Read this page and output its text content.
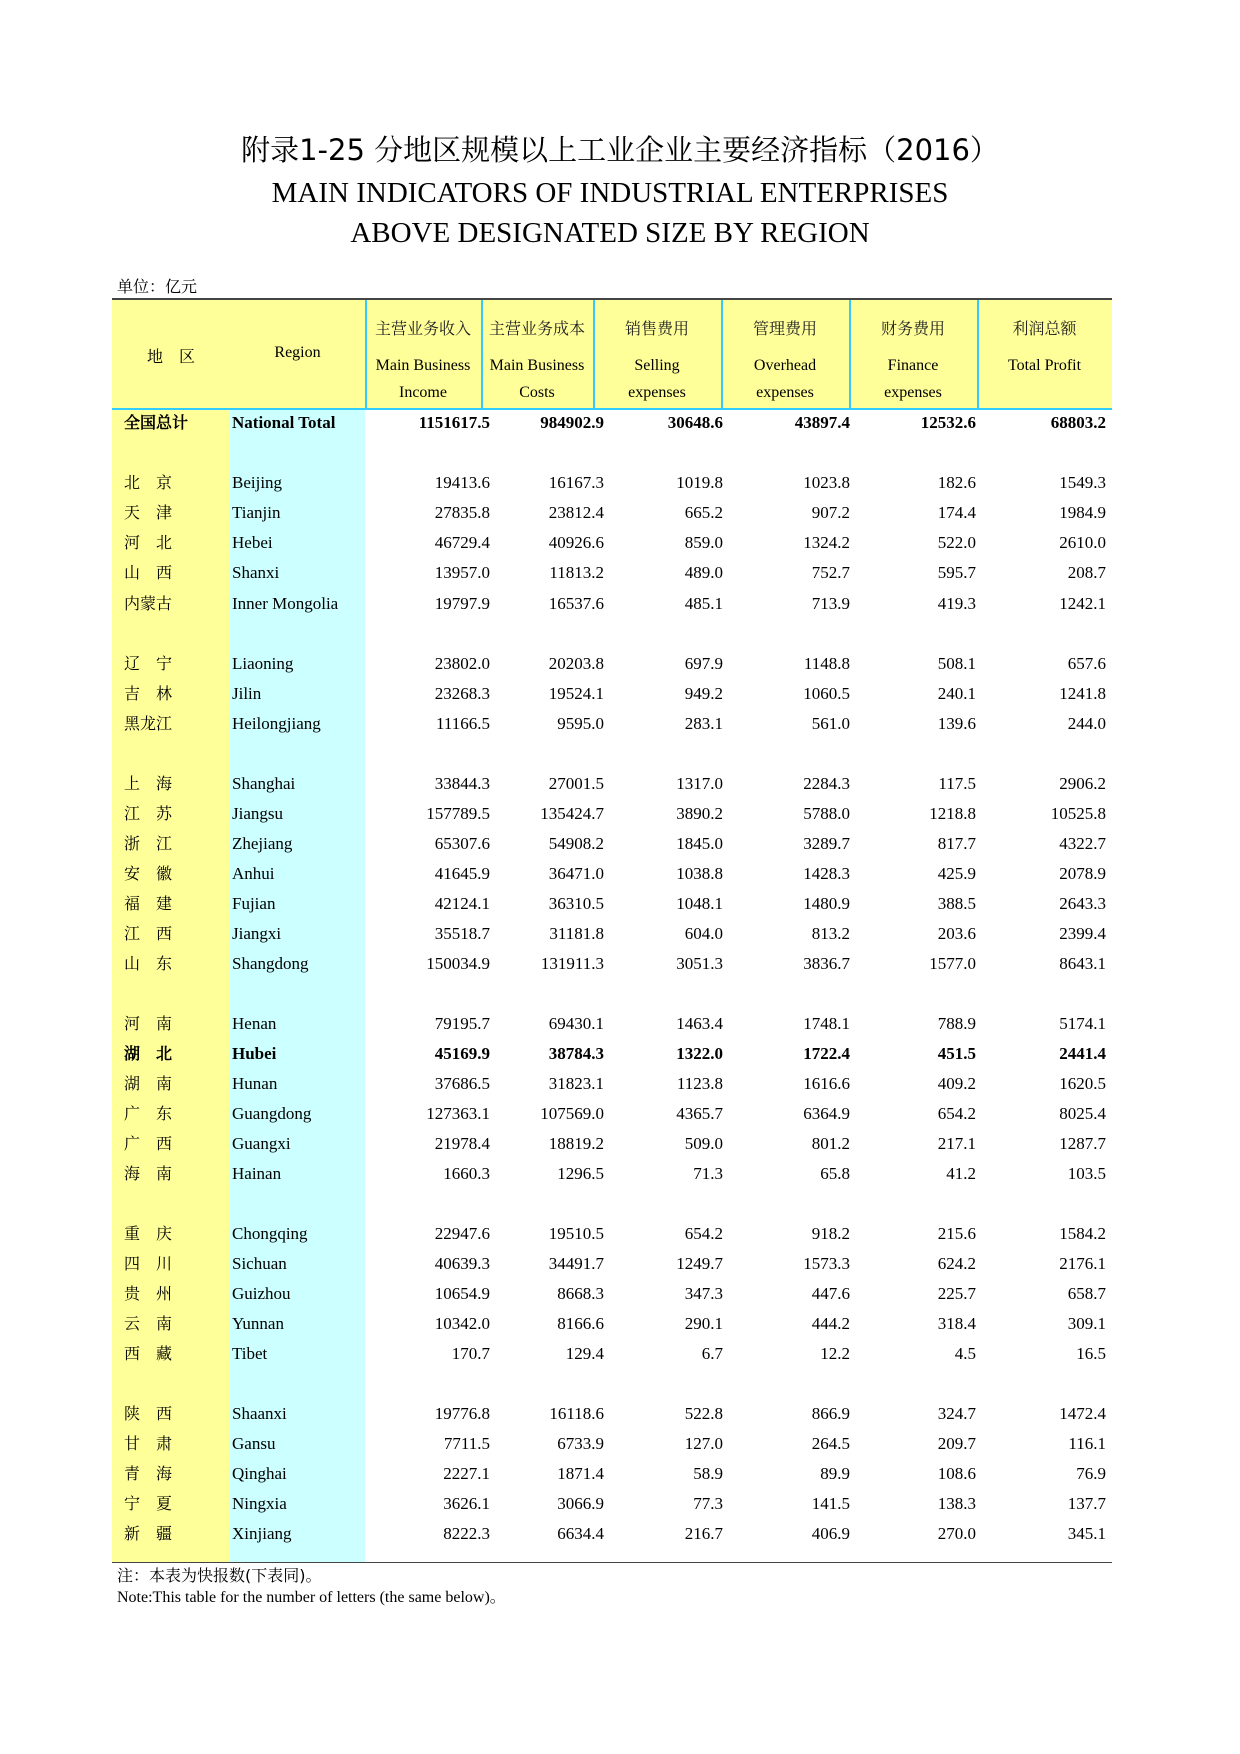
附录1-25 分地区规模以上工业企业主要经济指标（2016）
MAIN INDICATORS OF INDUSTRIAL ENTERPRISES
ABOVE DESIGNATED SIZE BY REGION
单位：亿元
地　区	Region
主营业务收入
Main Business
Income
主营业务成本
Main Business
Costs
销售费用
Selling
expenses
管理费用
Overhead
expenses
财务费用
Finance
expenses
利润总额
Total Profit
全国总计	National Total	1151617.5	984902.9	30648.6	43897.4	12532.6	68803.2
北　京	Beijing	19413.6	16167.3	1019.8	1023.8	182.6	1549.3
天　津	Tianjin	27835.8	23812.4	665.2	907.2	174.4	1984.9
河　北	Hebei	46729.4	40926.6	859.0	1324.2	522.0	2610.0
山　西	Shanxi	13957.0	11813.2	489.0	752.7	595.7	208.7
内蒙古	Inner Mongolia	19797.9	16537.6	485.1	713.9	419.3	1242.1
辽　宁	Liaoning	23802.0	20203.8	697.9	1148.8	508.1	657.6
吉　林	Jilin	23268.3	19524.1	949.2	1060.5	240.1	1241.8
黑龙江	Heilongjiang	11166.5	9595.0	283.1	561.0	139.6	244.0
上　海	Shanghai	33844.3	27001.5	1317.0	2284.3	117.5	2906.2
江　苏	Jiangsu	157789.5	135424.7	3890.2	5788.0	1218.8	10525.8
浙　江	Zhejiang	65307.6	54908.2	1845.0	3289.7	817.7	4322.7
安　徽	Anhui	41645.9	36471.0	1038.8	1428.3	425.9	2078.9
福　建	Fujian	42124.1	36310.5	1048.1	1480.9	388.5	2643.3
江　西	Jiangxi	35518.7	31181.8	604.0	813.2	203.6	2399.4
山　东	Shangdong	150034.9	131911.3	3051.3	3836.7	1577.0	8643.1
河　南	Henan	79195.7	69430.1	1463.4	1748.1	788.9	5174.1
湖　北	Hubei	45169.9	38784.3	1322.0	1722.4	451.5	2441.4
湖　南	Hunan	37686.5	31823.1	1123.8	1616.6	409.2	1620.5
广　东	Guangdong	127363.1	107569.0	4365.7	6364.9	654.2	8025.4
广　西	Guangxi	21978.4	18819.2	509.0	801.2	217.1	1287.7
海　南	Hainan	1660.3	1296.5	71.3	65.8	41.2	103.5
重　庆	Chongqing	22947.6	19510.5	654.2	918.2	215.6	1584.2
四　川	Sichuan	40639.3	34491.7	1249.7	1573.3	624.2	2176.1
贵　州	Guizhou	10654.9	8668.3	347.3	447.6	225.7	658.7
云　南	Yunnan	10342.0	8166.6	290.1	444.2	318.4	309.1
西　藏	Tibet	170.7	129.4	6.7	12.2	4.5	16.5
陕　西	Shaanxi	19776.8	16118.6	522.8	866.9	324.7	1472.4
甘　肃	Gansu	7711.5	6733.9	127.0	264.5	209.7	116.1
青　海	Qinghai	2227.1	1871.4	58.9	89.9	108.6	76.9
宁　夏	Ningxia	3626.1	3066.9	77.3	141.5	138.3	137.7
新　疆	Xinjiang	8222.3	6634.4	216.7	406.9	270.0	345.1
注：本表为快报数(下表同)。
Note:This table for the number of letters (the same below)。
